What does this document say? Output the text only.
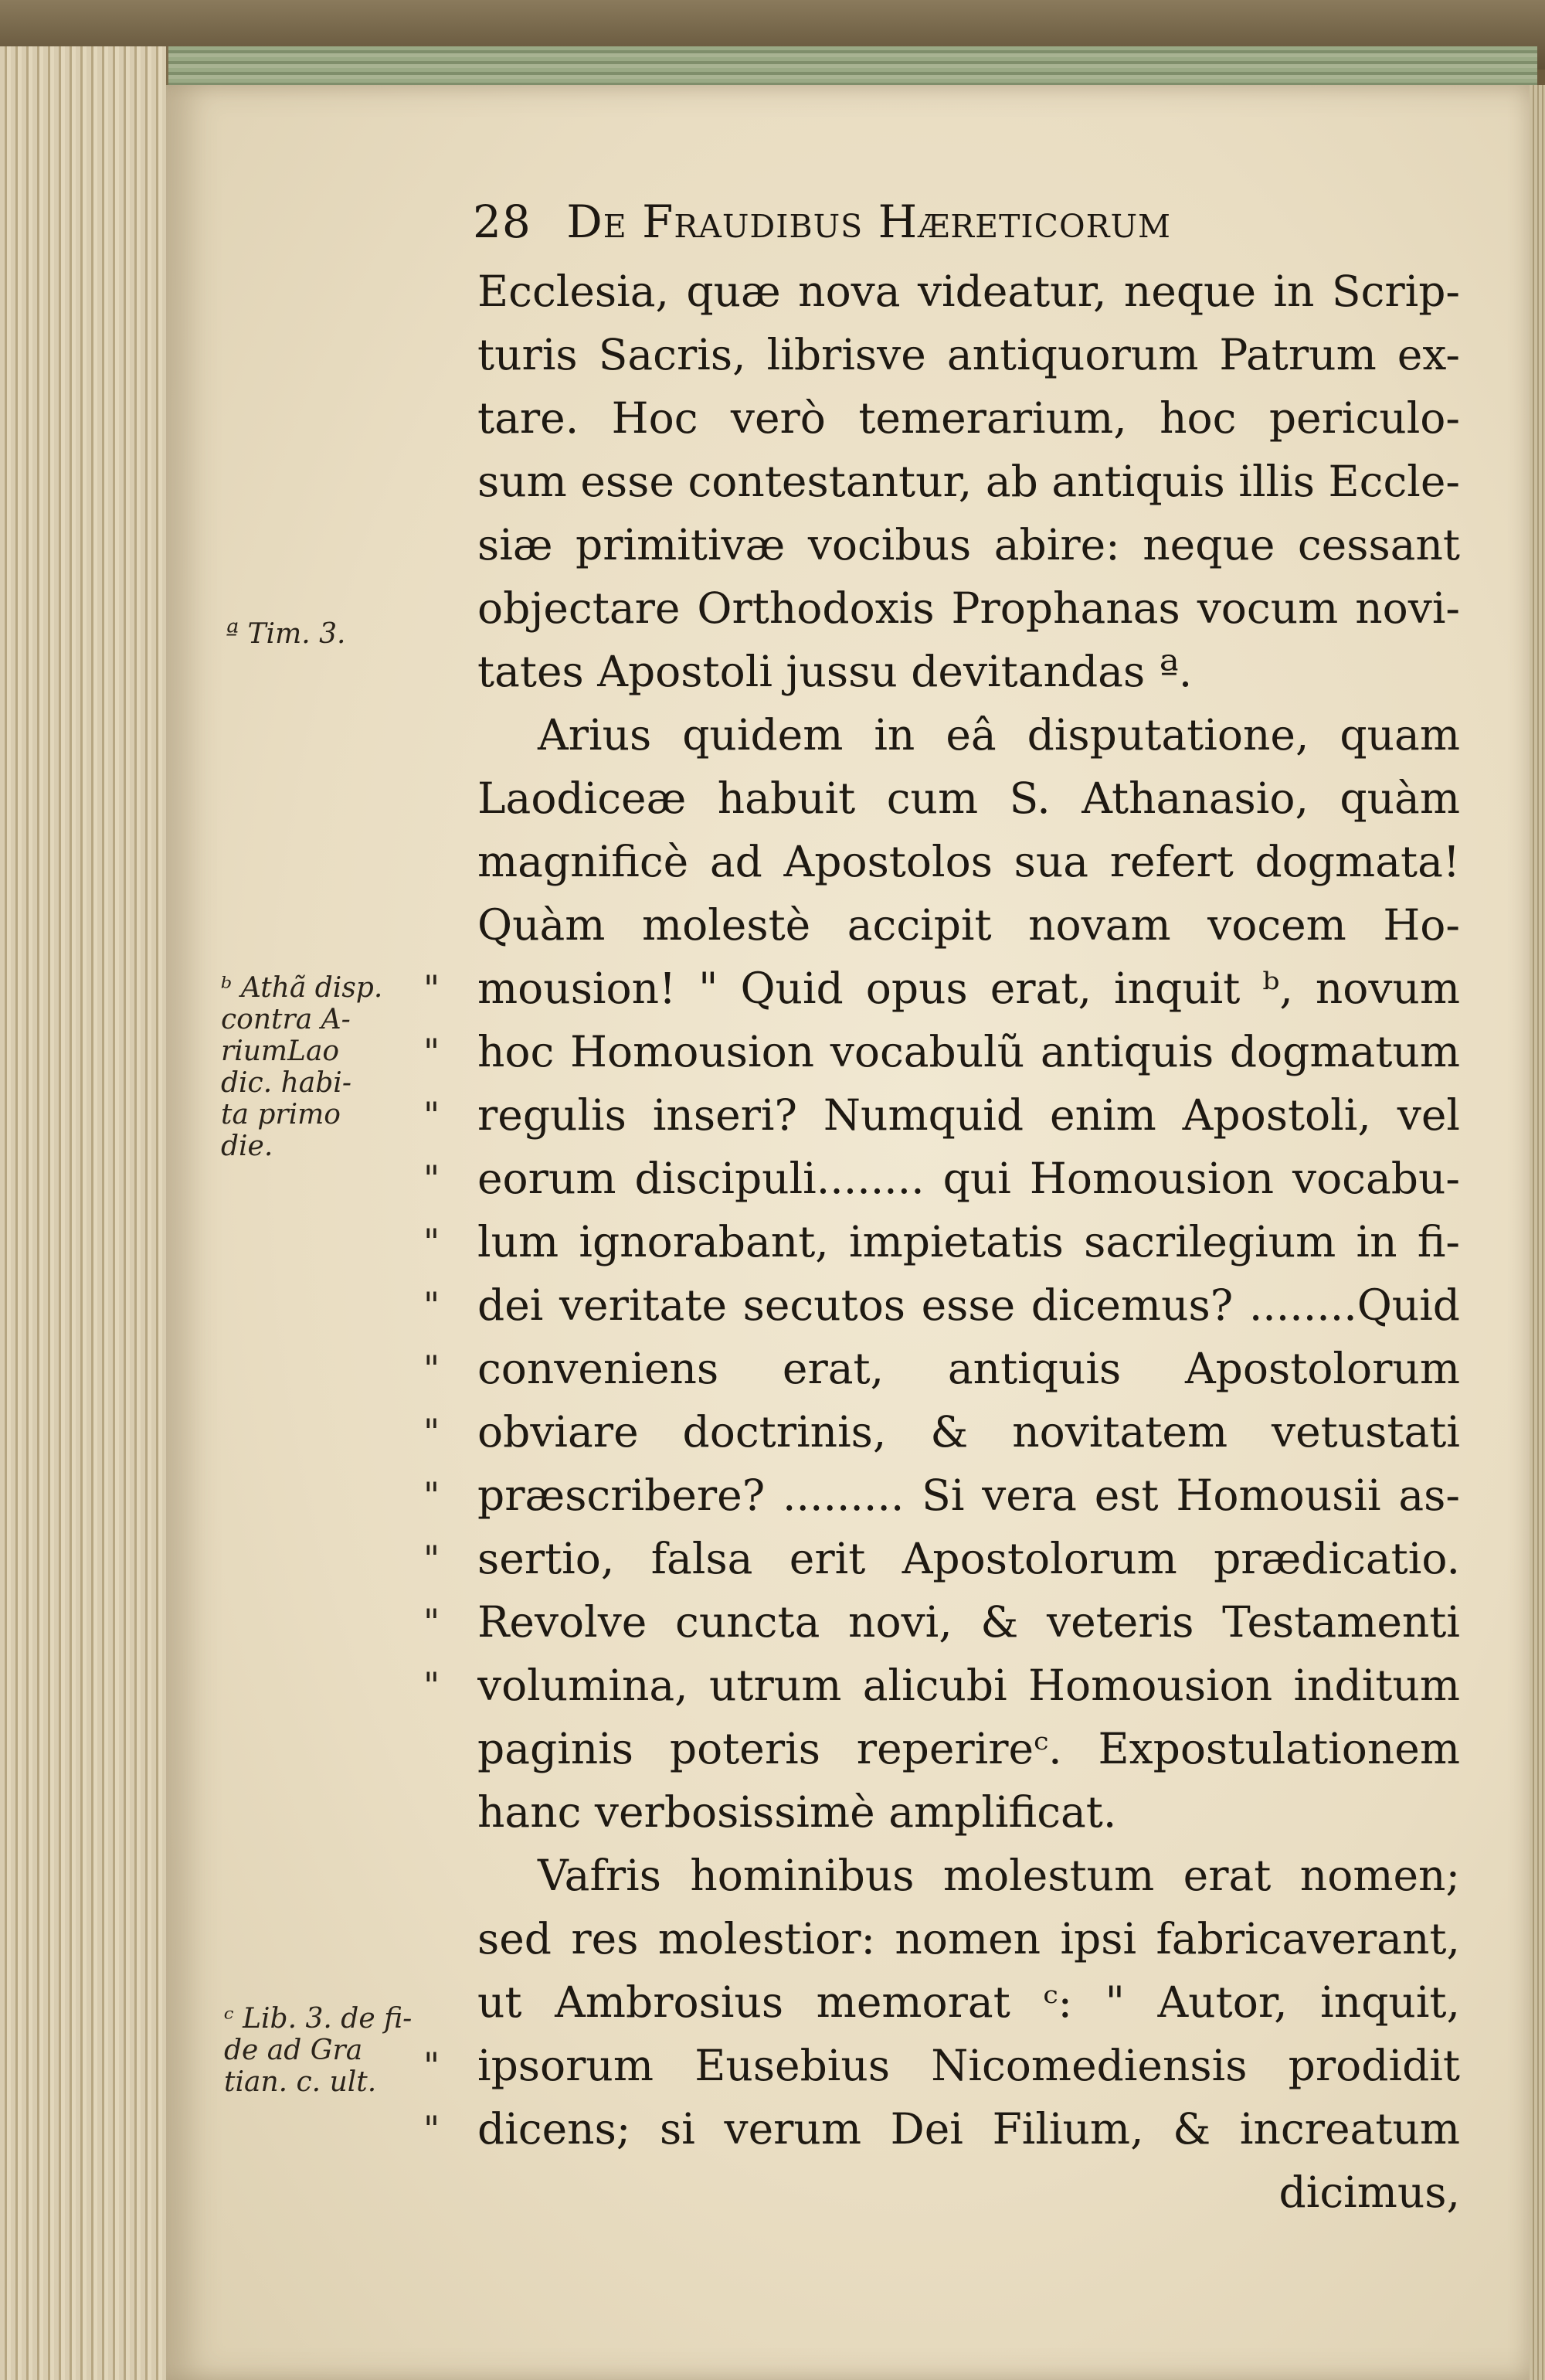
28 De Fraudibus Hæreticorum
Ecclesia, quæ nova videatur, neque in Scrip-
turis Sacris, librisve antiquorum Patrum ex-
tare. Hoc verò temerarium, hoc periculo-
sum esse contestantur, ab antiquis illis Eccle-
siæ primitivæ vocibus abire: neque cessant
objectare Orthodoxis Prophanas vocum novi-
tates Apostoli jussu devitandas ª.
Arius quidem in eâ disputatione, quam
Laodiceæ habuit cum S. Athanasio, quàm
magnificè ad Apostolos sua refert dogmata!
Quàm molestè accipit novam vocem Ho-
mousion! " Quid opus erat, inquit ᵇ, novum
hoc Homousion vocabulũ antiquis dogmatum
regulis inseri? Numquid enim Apostoli, vel
eorum discipuli........ qui Homousion vocabu-
lum ignorabant, impietatis sacrilegium in fi-
dei veritate secutos esse dicemus? ........Quid
conveniens erat, antiquis Apostolorum
obviare doctrinis, & novitatem vetustati
præscribere? ......... Si vera est Homousii as-
sertio, falsa erit Apostolorum prædicatio.
Revolve cuncta novi, & veteris Testamenti
volumina, utrum alicubi Homousion inditum
paginis poteris reperireᶜ. Expostulationem
hanc verbosissimè amplificat.
Vafris hominibus molestum erat nomen;
sed res molestior: nomen ipsi fabricaverant,
ut Ambrosius memorat ᶜ: " Autor, inquit,
ipsorum Eusebius Nicomediensis prodidit
dicens; si verum Dei Filium, & increatum
dicimus,
"
"
"
"
"
"
"
"
"
"
"
"
"
"
ª Tim. 3.
ᵇ Athã disp.
contra A-
riumLao
dic. habi-
ta primo
die.
ᶜ Lib. 3. de fi-
de ad Gra
tian. c. ult.
